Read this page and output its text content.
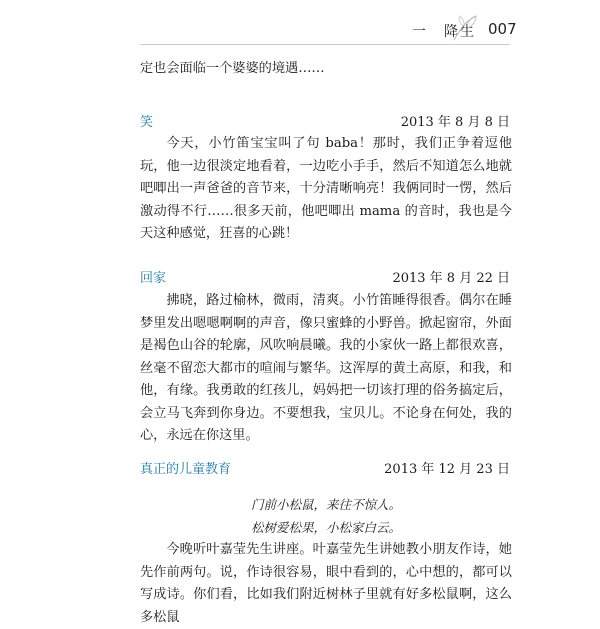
一　降生 007

定也会面临一个婆婆的境遇……

笑	2013 年 8 月 8 日

今天，小竹笛宝宝叫了句 baba！那时，我们正争着逗他玩，他一边很淡定地看着，一边吃小手手，然后不知道怎么地就吧唧出一声爸爸的音节来，十分清晰响亮！我俩同时一愣，然后激动得不行……很多天前，他吧唧出 mama 的音时，我也是今天这种感觉，狂喜的心跳！

回家	2013 年 8 月 22 日

拂晓，路过榆林，微雨，清爽。小竹笛睡得很香。偶尔在睡梦里发出嗯嗯啊啊的声音，像只蜜蜂的小野兽。掀起窗帘，外面是褐色山谷的轮廓，风吹响晨曦。我的小家伙一路上都很欢喜，丝毫不留恋大都市的喧闹与繁华。这浑厚的黄土高原，和我，和他，有缘。我勇敢的红孩儿，妈妈把一切该打理的俗务搞定后，会立马飞奔到你身边。不要想我，宝贝儿。不论身在何处，我的心，永远在你这里。

真正的儿童教育	2013 年 12 月 23 日
门前小松鼠，来往不惊人。
松树爱松果，小松家白云。

今晚听叶嘉莹先生讲座。叶嘉莹先生讲她教小朋友作诗，她先作前两句。说，作诗很容易，眼中看到的，心中想的，都可以写成诗。你们看，比如我们附近树林子里就有好多松鼠啊，这么多松鼠
